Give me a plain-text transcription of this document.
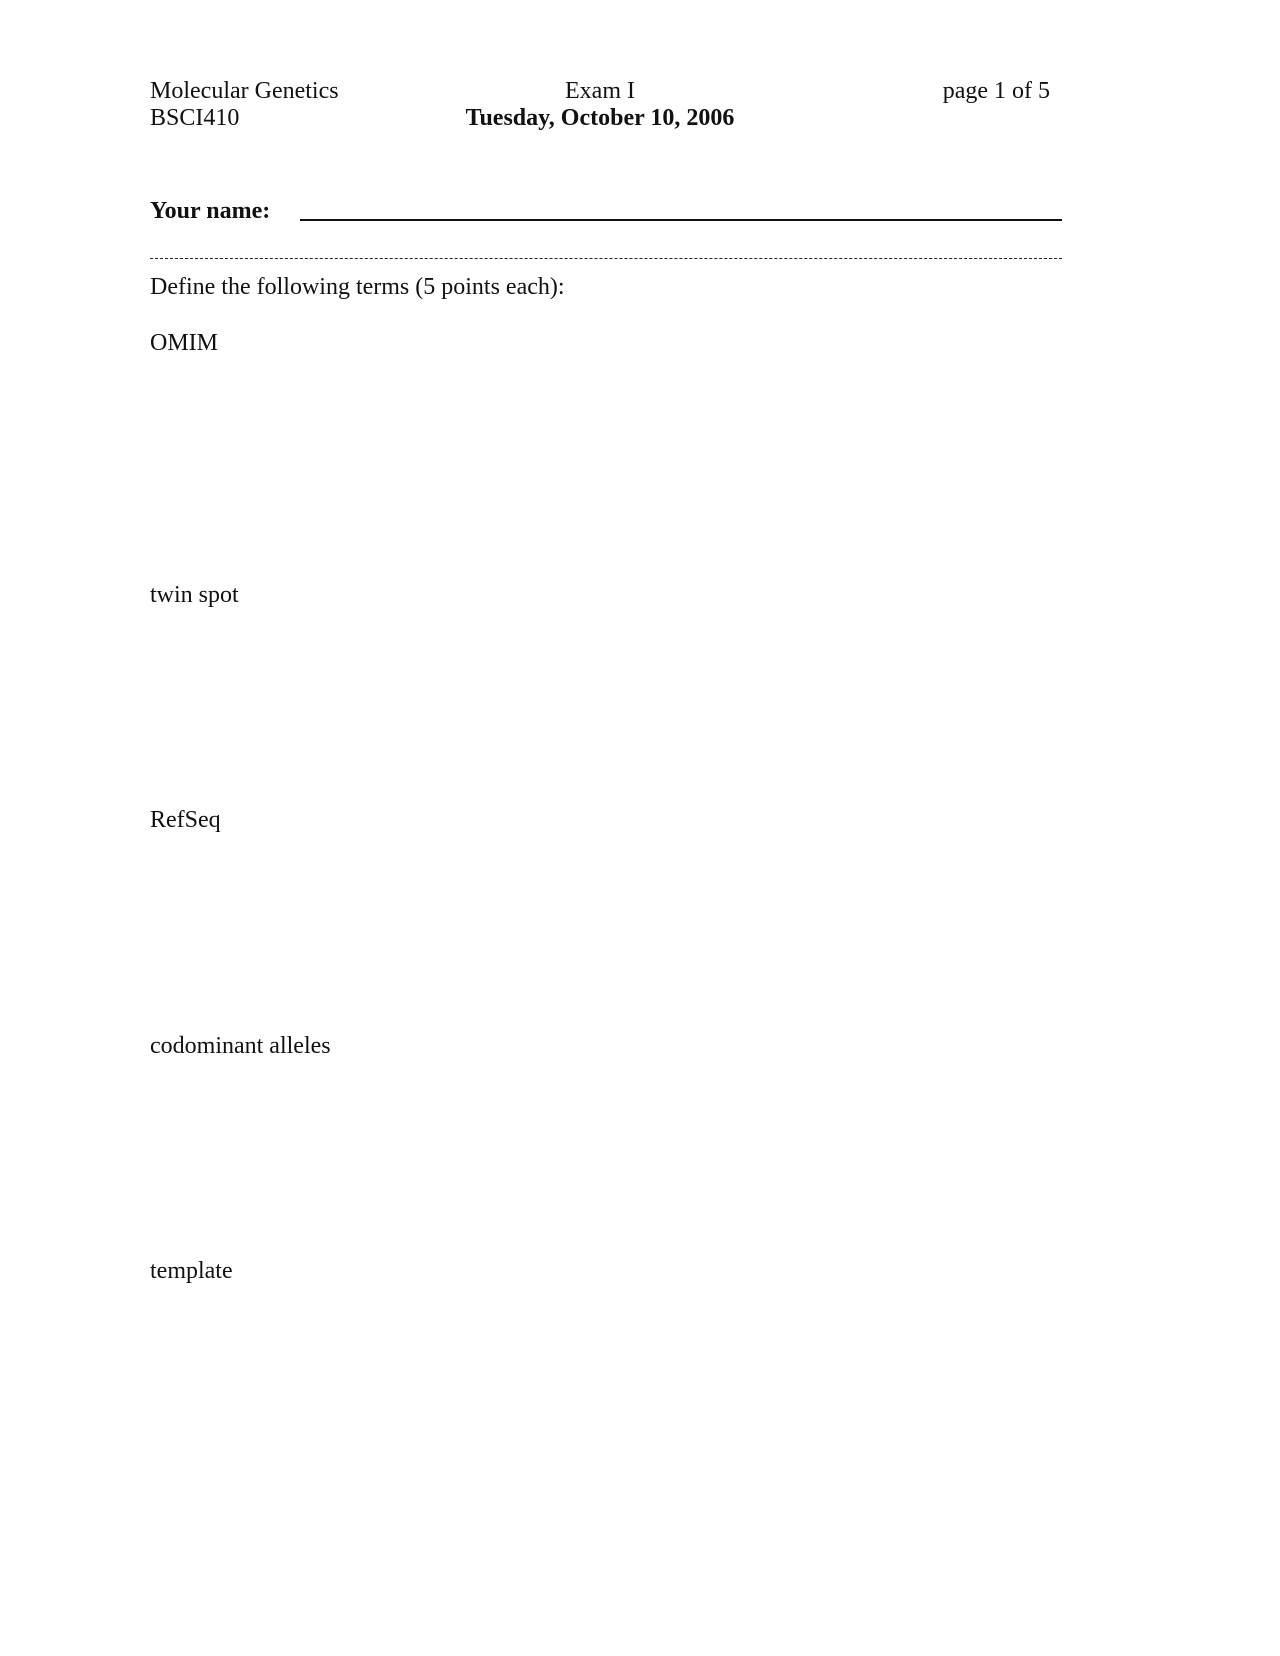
Molecular Genetics	Exam I	page 1 of 5
BSCI410	Tuesday, October 10, 2006
Your name:
Define the following terms (5 points each):
OMIM
twin spot
RefSeq
codominant alleles
template
